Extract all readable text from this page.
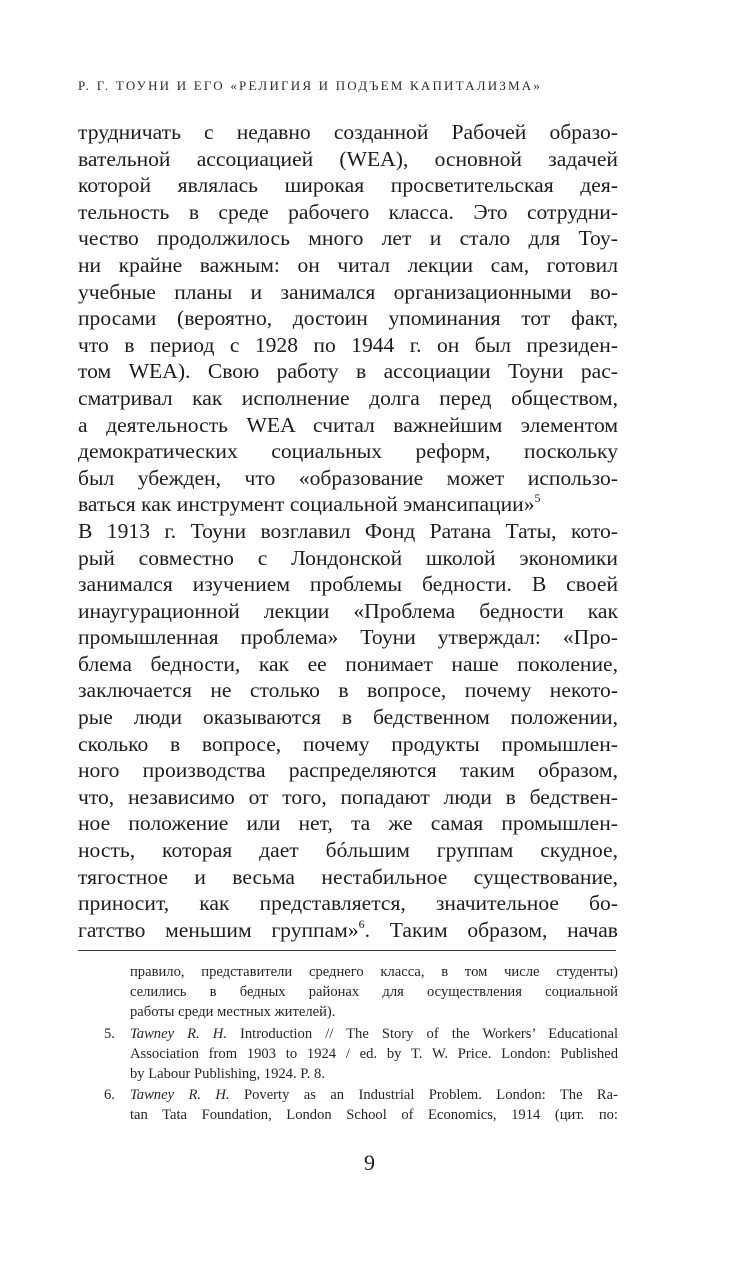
Р. Г. ТОУНИ И ЕГО «РЕЛИГИЯ И ПОДЪЕМ КАПИТАЛИЗМА»
трудничать с недавно созданной Рабочей образо-
вательной ассоциацией (WEA), основной задачей
которой являлась широкая просветительская дея-
тельность в среде рабочего класса. Это сотрудни-
чество продолжилось много лет и стало для Тоу-
ни крайне важным: он читал лекции сам, готовил
учебные планы и занимался организационными во-
просами (вероятно, достоин упоминания тот факт,
что в период с 1928 по 1944 г. он был президен-
том WEA). Свою работу в ассоциации Тоуни рас-
сматривал как исполнение долга перед обществом,
а деятельность WEA считал важнейшим элементом
демократических социальных реформ, поскольку
был убежден, что «образование может использо-
ваться как инструмент социальной эмансипации»$^5$
В 1913 г. Тоуни возглавил Фонд Ратана Таты, кото-
рый совместно с Лондонской школой экономики
занимался изучением проблемы бедности. В своей
инаугурационной лекции «Проблема бедности как
промышленная проблема» Тоуни утверждал: «Про-
блема бедности, как ее понимает наше поколение,
заключается не столько в вопросе, почему некото-
рые люди оказываются в бедственном положении,
сколько в вопросе, почему продукты промышлен-
ного производства распределяются таким образом,
что, независимо от того, попадают люди в бедствен-
ное положение или нет, та же самая промышлен-
ность, которая дает бóльшим группам скудное,
тягостное и весьма нестабильное существование,
приносит, как представляется, значительное бо-
гатство меньшим группам»$^6$. Таким образом, начав
правило, представители среднего класса, в том числе студенты)
селились в бедных районах для осуществления социальной
работы среди местных жителей).
5. Tawney R. H. Introduction // The Story of the Workers’ Educational
Association from 1903 to 1924 / ed. by T. W. Price. London: Published
by Labour Publishing, 1924. P. 8.
6. Tawney R. H. Poverty as an Industrial Problem. London: The Ra-
tan Tata Foundation, London School of Economics, 1914 (цит. по:
9
